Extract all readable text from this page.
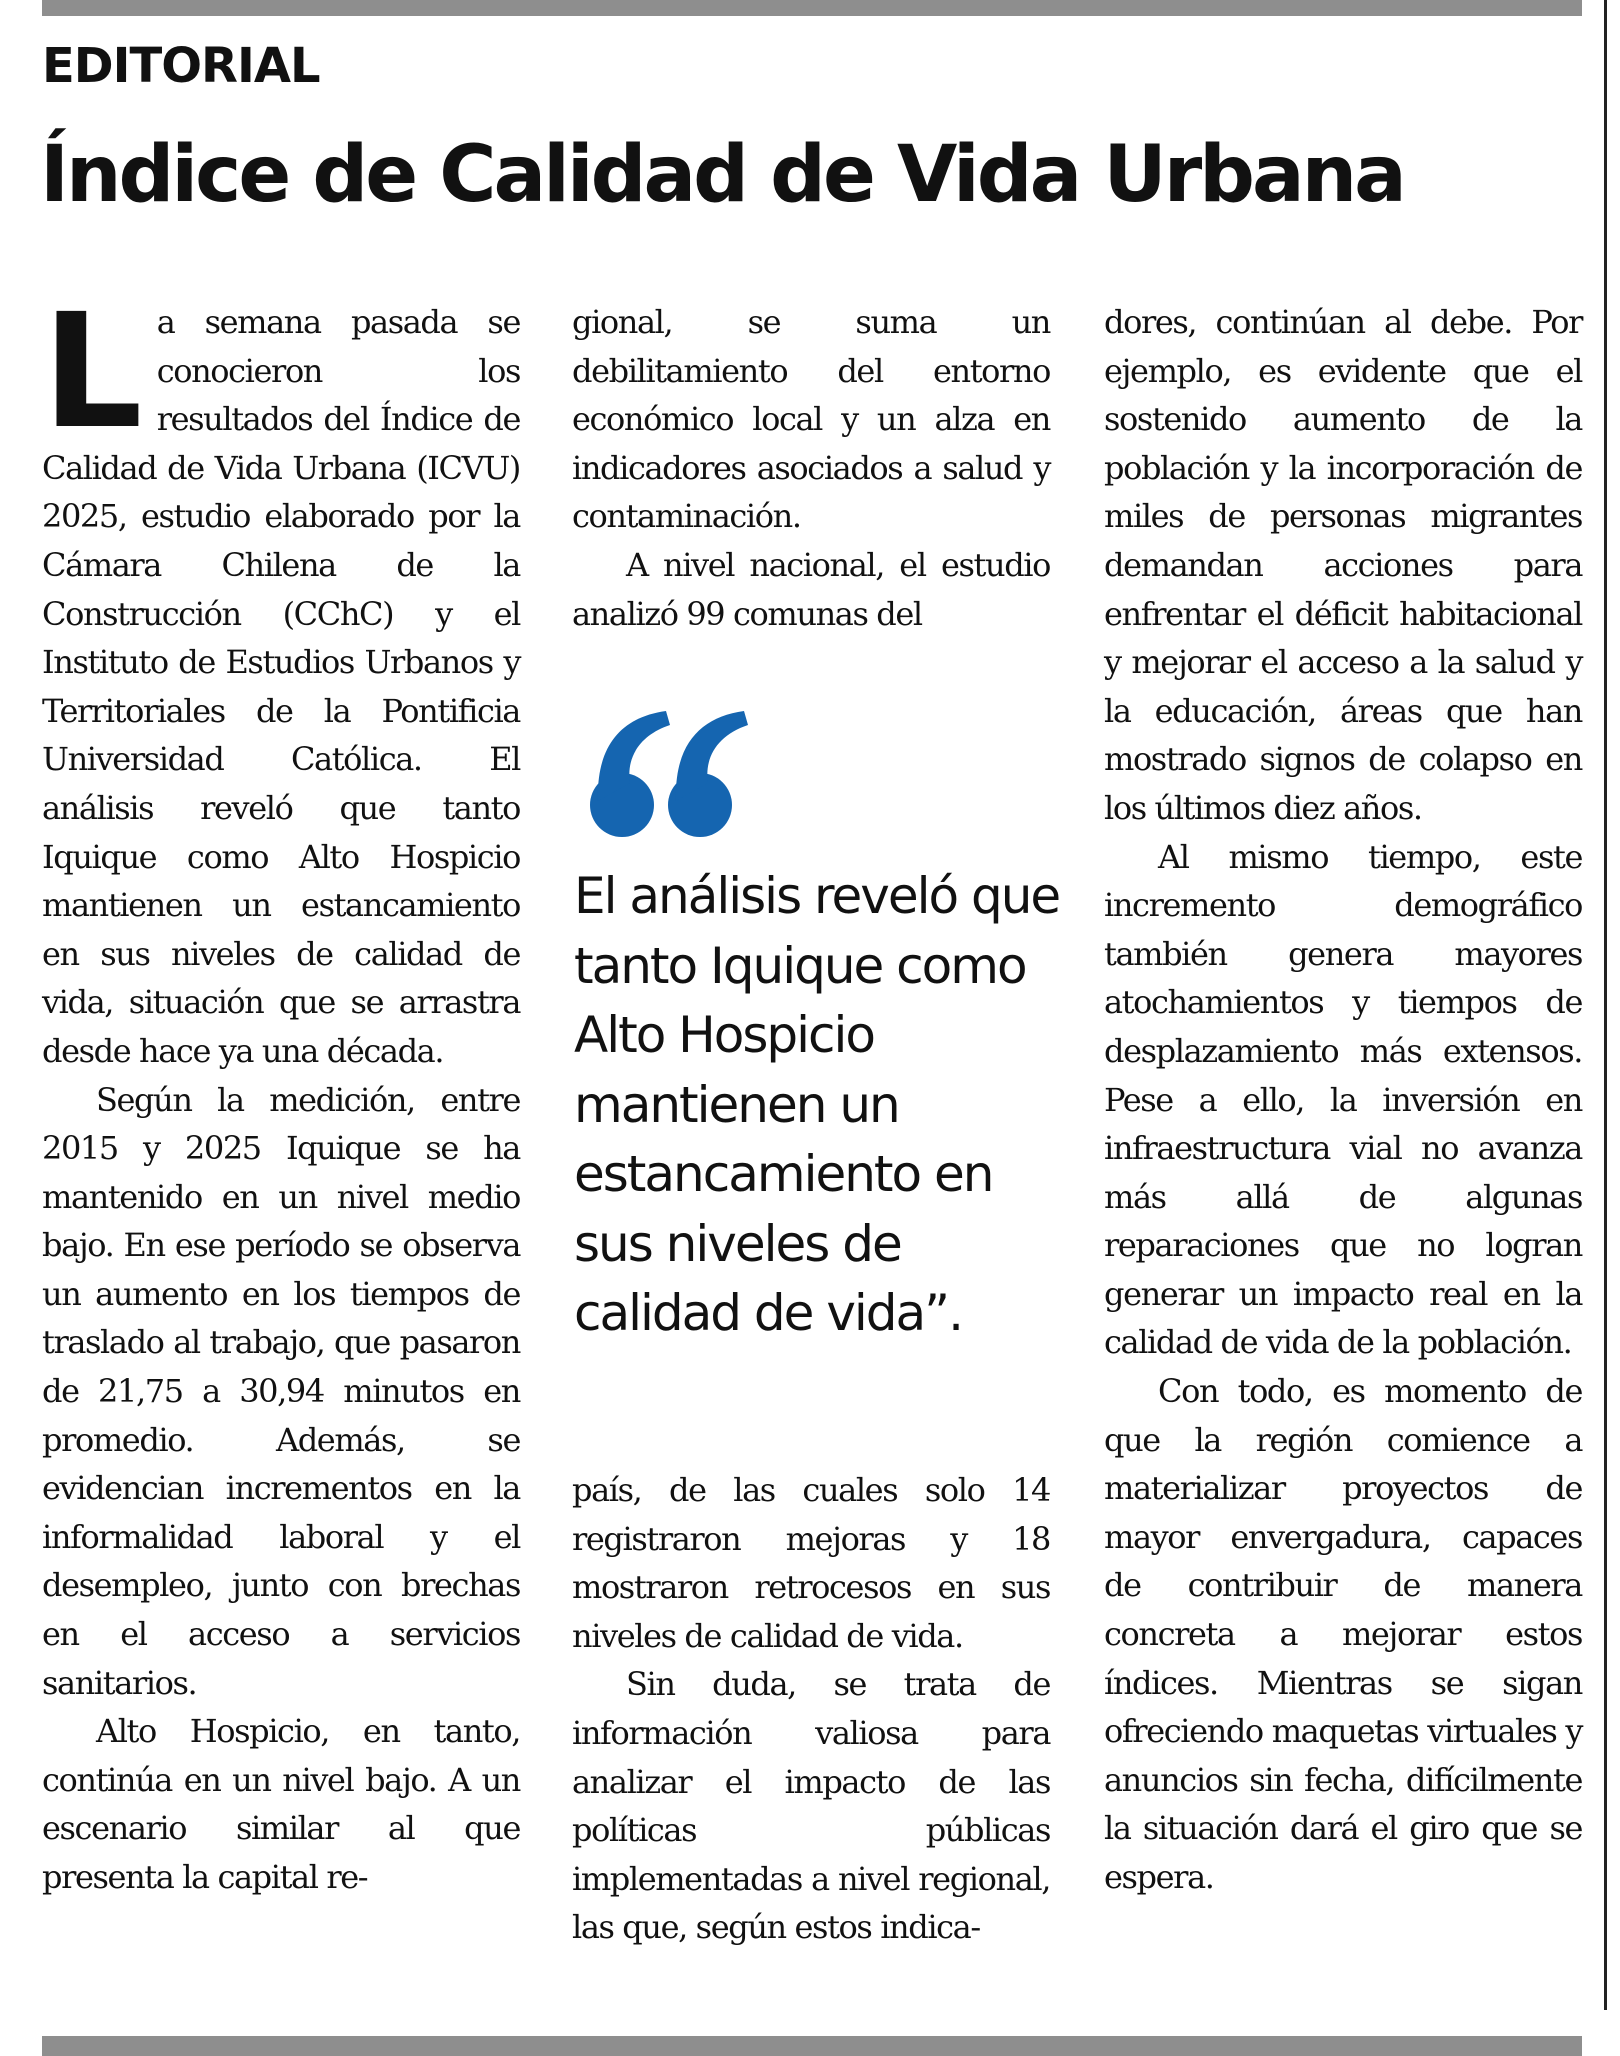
EDITORIAL
Índice de Calidad de Vida Urbana

La semana pasada se conocieron los resultados del Índice de Calidad de Vida Urbana (ICVU) 2025, estudio elaborado por la Cámara Chilena de la Construcción (CChC) y el Instituto de Estudios Urbanos y Territoriales de la Pontificia Universidad Católica. El análisis reveló que tanto Iquique como Alto Hospicio mantienen un estancamiento en sus niveles de calidad de vida, situación que se arrastra desde hace ya una década.

Según la medición, entre 2015 y 2025 Iquique se ha mantenido en un nivel medio bajo. En ese período se observa un aumento en los tiempos de traslado al trabajo, que pasaron de 21,75 a 30,94 minutos en promedio. Además, se evidencian incrementos en la informalidad laboral y el desempleo, junto con brechas en el acceso a servicios sanitarios.

Alto Hospicio, en tanto, continúa en un nivel bajo. A un escenario similar al que presenta la capital re-

gional, se suma un debilitamiento del entorno económico local y un alza en indicadores asociados a salud y contaminación.

A nivel nacional, el estudio analizó 99 comunas del

El análisis reveló que tanto Iquique como Alto Hospicio mantienen un estancamiento en sus niveles de calidad de vida”.

país, de las cuales solo 14 registraron mejoras y 18 mostraron retrocesos en sus niveles de calidad de vida.

Sin duda, se trata de información valiosa para analizar el impacto de las políticas públicas implementadas a nivel regional, las que, según estos indica-

dores, continúan al debe. Por ejemplo, es evidente que el sostenido aumento de la población y la incorporación de miles de personas migrantes demandan acciones para enfrentar el déficit habitacional y mejorar el acceso a la salud y la educación, áreas que han mostrado signos de colapso en los últimos diez años.

Al mismo tiempo, este incremento demográfico también genera mayores atochamientos y tiempos de desplazamiento más extensos. Pese a ello, la inversión en infraestructura vial no avanza más allá de algunas reparaciones que no logran generar un impacto real en la calidad de vida de la población.

Con todo, es momento de que la región comience a materializar proyectos de mayor envergadura, capaces de contribuir de manera concreta a mejorar estos índices. Mientras se sigan ofreciendo maquetas virtuales y anuncios sin fecha, difícilmente la situación dará el giro que se espera.
